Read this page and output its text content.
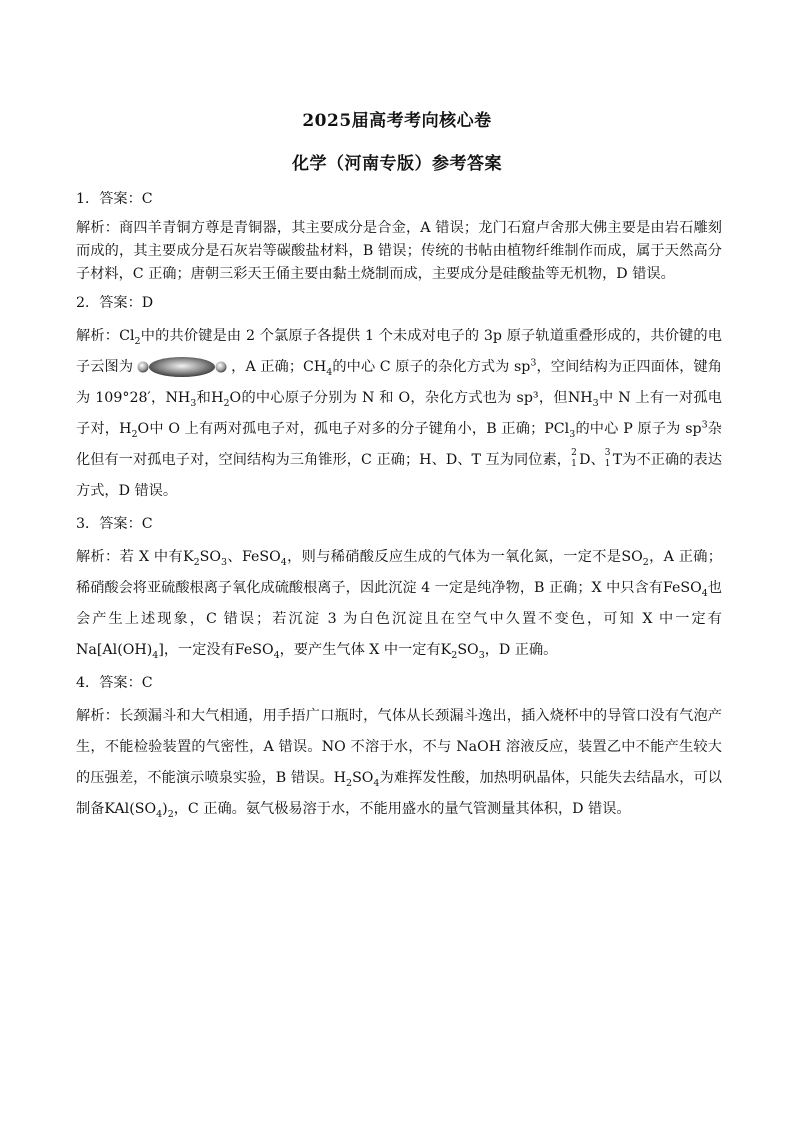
2025届高考考向核心卷
化学（河南专版）参考答案
1．答案：C
解析：商四羊青铜方尊是青铜器，其主要成分是合金，A 错误；龙门石窟卢舍那大佛主要是由岩石雕刻而成的，其主要成分是石灰岩等碳酸盐材料，B 错误；传统的书帖由植物纤维制作而成，属于天然高分子材料，C 正确；唐朝三彩天王俑主要由黏土烧制而成，主要成分是硅酸盐等无机物，D 错误。
2．答案：D
解析：$Cl_2$中的共价键是由 2 个氯原子各提供 1 个未成对电子的 3p 原子轨道重叠形成的，共价键的电子云图为	，A 正确；$CH_4$的中心 C 原子的杂化方式为 $sp^3$，空间结构为正四面体，键角为 109°28′，$NH_3$和$H_2O$的中心原子分别为 N 和 O，杂化方式也为 sp³，但$NH_3$中 N 上有一对孤电子对，$H_2O$中 O 上有两对孤电子对，孤电子对多的分子键角小，B 正确；PCl$_3$的中心 P 原子为 $sp^3$杂化但有一对孤电子对，空间结构为三角锥形，C 正确；H、D、T 互为同位素， 2
1 D、 3
1 T为不正确的表达方式，D 错误。
3．答案：C
解析：若 X 中有$K_2SO_3$、FeSO$_4$，则与稀硝酸反应生成的气体为一氧化氮，一定不是$SO_2$，A 正确；稀硝酸会将亚硫酸根离子氧化成硫酸根离子，因此沉淀 4 一定是纯净物，B 正确；X 中只含有FeSO$_4$也会产生上述现象，C 错误；若沉淀 3 为白色沉淀且在空气中久置不变色，可知 X 中一定有 $Na[Al(OH)_4]$，一定没有FeSO$_4$，要产生气体 X 中一定有$K_2SO_3$，D 正确。
4．答案：C
解析：长颈漏斗和大气相通，用手捂广口瓶时，气体从长颈漏斗逸出，插入烧杯中的导管口没有气泡产生，不能检验装置的气密性，A 错误。NO 不溶于水，不与 NaOH 溶液反应，装置乙中不能产生较大的压强差，不能演示喷泉实验，B 错误。$H_2SO_4$为难挥发性酸，加热明矾晶体，只能失去结晶水，可以制备$KAl(SO_4)_2$，C 正确。氨气极易溶于水，不能用盛水的量气管测量其体积，D 错误。
